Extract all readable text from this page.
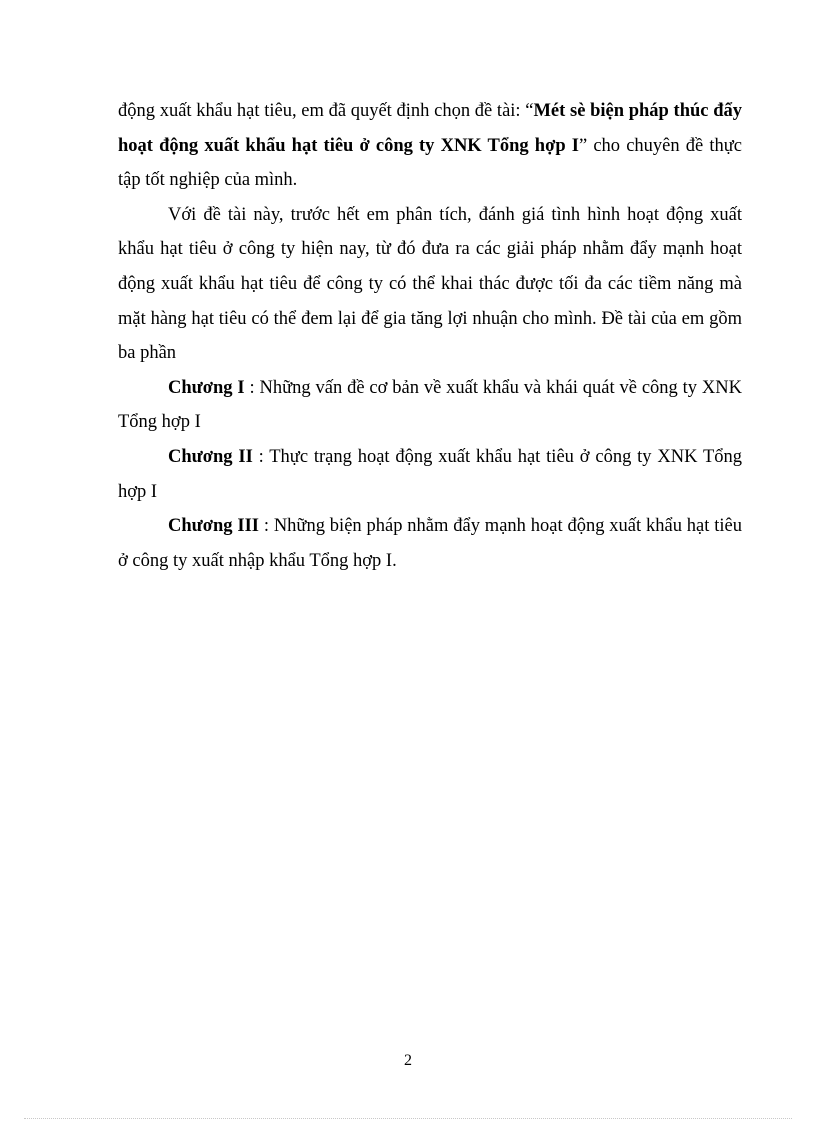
động xuất khẩu hạt tiêu, em đã quyết định chọn đề tài: “Mét sè biện pháp thúc đẩy hoạt động xuất khẩu hạt tiêu ở công ty XNK Tổng hợp I” cho chuyên đề thực tập tốt nghiệp của mình.

Với đề tài này, trước hết em phân tích, đánh giá tình hình hoạt động xuất khẩu hạt tiêu ở công ty hiện nay, từ đó đưa ra các giải pháp nhằm đẩy mạnh hoạt động xuất khẩu hạt tiêu để công ty có thể khai thác được tối đa các tiềm năng mà mặt hàng hạt tiêu có thể đem lại để gia tăng lợi nhuận cho mình. Đề tài của em gồm ba phần

Chương I : Những vấn đề cơ bản về xuất khẩu và khái quát về công ty XNK Tổng hợp I

Chương II : Thực trạng hoạt động xuất khẩu hạt tiêu ở công ty XNK Tổng hợp I

Chương III : Những biện pháp nhằm đẩy mạnh hoạt động xuất khẩu hạt tiêu ở công ty xuất nhập khẩu Tổng hợp I.

2
